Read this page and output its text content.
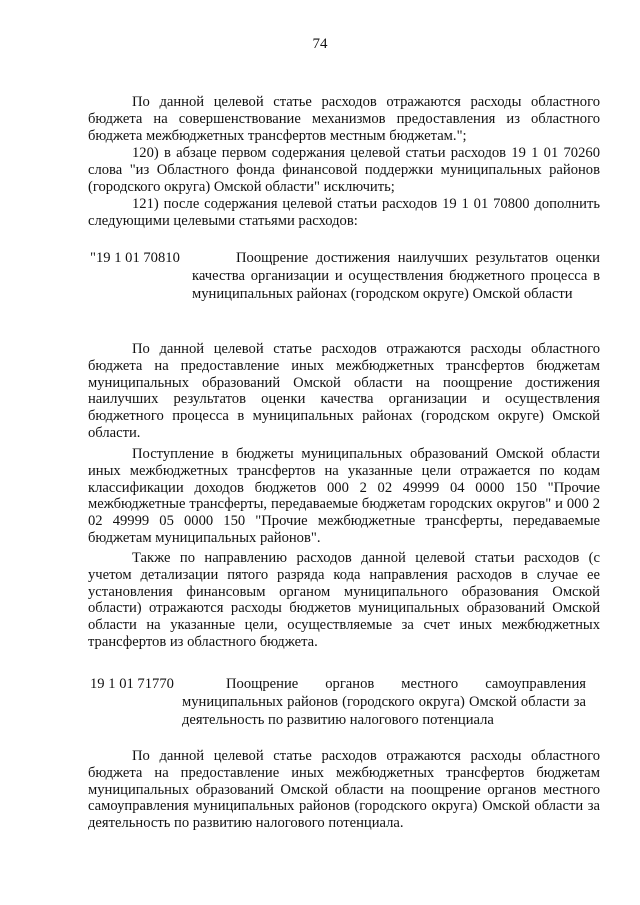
74

По данной целевой статье расходов отражаются расходы областного бюджета на совершенствование механизмов предоставления из областного бюджета межбюджетных трансфертов местным бюджетам.";

120) в абзаце первом содержания целевой статьи расходов 19 1 01 70260 слова "из Областного фонда финансовой поддержки муниципальных районов (городского округа) Омской области" исключить;

121) после содержания целевой статьи расходов 19 1 01 70800 дополнить следующими целевыми статьями расходов:

"19 1 01 70810	Поощрение достижения наилучших результатов оценки качества организации и осуществления бюджетного процесса в муниципальных районах (городском округе) Омской области

По данной целевой статье расходов отражаются расходы областного бюджета на предоставление иных межбюджетных трансфертов бюджетам муниципальных образований Омской области на поощрение достижения наилучших результатов оценки качества организации и осуществления бюджетного процесса в муниципальных районах (городском округе) Омской области.

Поступление в бюджеты муниципальных образований Омской области иных межбюджетных трансфертов на указанные цели отражается по кодам классификации доходов бюджетов 000 2 02 49999 04 0000 150 "Прочие межбюджетные трансферты, передаваемые бюджетам городских округов" и 000 2 02 49999 05 0000 150 "Прочие межбюджетные трансферты, передаваемые бюджетам муниципальных районов".

Также по направлению расходов данной целевой статьи расходов (с учетом детализации пятого разряда кода направления расходов в случае ее установления финансовым органом муниципального образования Омской области) отражаются расходы бюджетов муниципальных образований Омской области на указанные цели, осуществляемые за счет иных межбюджетных трансфертов из областного бюджета.

19 1 01 71770	Поощрение органов местного самоуправления муниципальных районов (городского округа) Омской области за деятельность по развитию налогового потенциала

По данной целевой статье расходов отражаются расходы областного бюджета на предоставление иных межбюджетных трансфертов бюджетам муниципальных образований Омской области на поощрение органов местного самоуправления муниципальных районов (городского округа) Омской области за деятельность по развитию налогового потенциала.
